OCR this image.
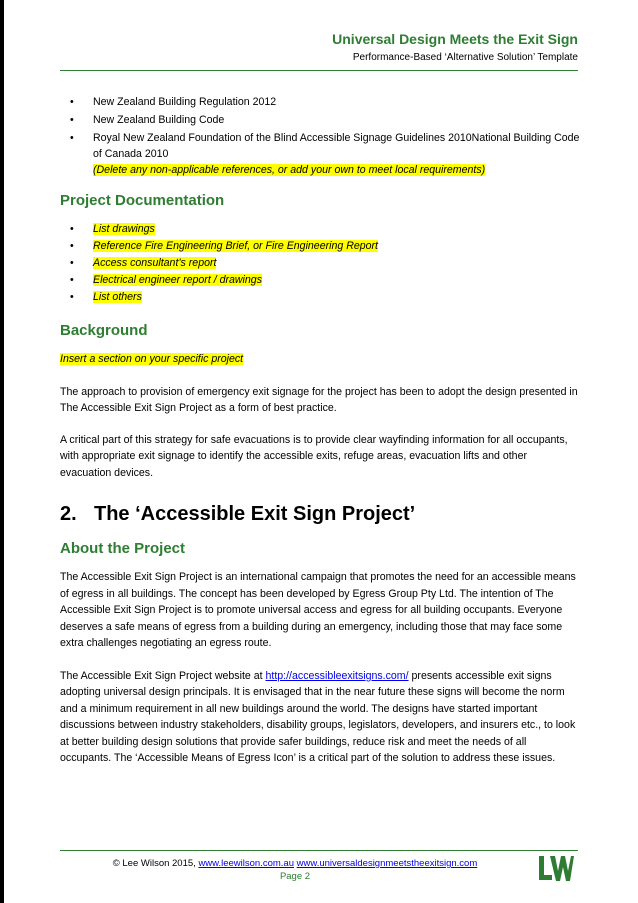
Universal Design Meets the Exit Sign
Performance-Based ‘Alternative Solution’ Template
• New Zealand Building Regulation 2012
• New Zealand Building Code
• Royal New Zealand Foundation of the Blind Accessible Signage Guidelines 2010National Building Code of Canada 2010
(Delete any non-applicable references, or add your own to meet local requirements)
Project Documentation
• List drawings
• Reference Fire Engineering Brief, or Fire Engineering Report
• Access consultant’s report
• Electrical engineer report / drawings
• List others
Background

Insert a section on your specific project

The approach to provision of emergency exit signage for the project has been to adopt the design presented in The Accessible Exit Sign Project as a form of best practice.

A critical part of this strategy for safe evacuations is to provide clear wayfinding information for all occupants, with appropriate exit signage to identify the accessible exits, refuge areas, evacuation lifts and other evacuation devices.

2. The ‘Accessible Exit Sign Project’
About the Project

The Accessible Exit Sign Project is an international campaign that promotes the need for an accessible means of egress in all buildings. The concept has been developed by Egress Group Pty Ltd. The intention of The Accessible Exit Sign Project is to promote universal access and egress for all building occupants. Everyone deserves a safe means of egress from a building during an emergency, including those that may face some extra challenges negotiating an egress route.

The Accessible Exit Sign Project website at http://accessibleexitsigns.com/ presents accessible exit signs adopting universal design principals. It is envisaged that in the near future these signs will become the norm and a minimum requirement in all new buildings around the world. The designs have started important discussions between industry stakeholders, disability groups, legislators, developers, and insurers etc., to look at better building design solutions that provide safer buildings, reduce risk and meet the needs of all occupants. The ‘Accessible Means of Egress Icon’ is a critical part of the solution to address these issues.

© Lee Wilson 2015, www.leewilson.com.au www.universaldesignmeetstheexitsign.com
Page 2
